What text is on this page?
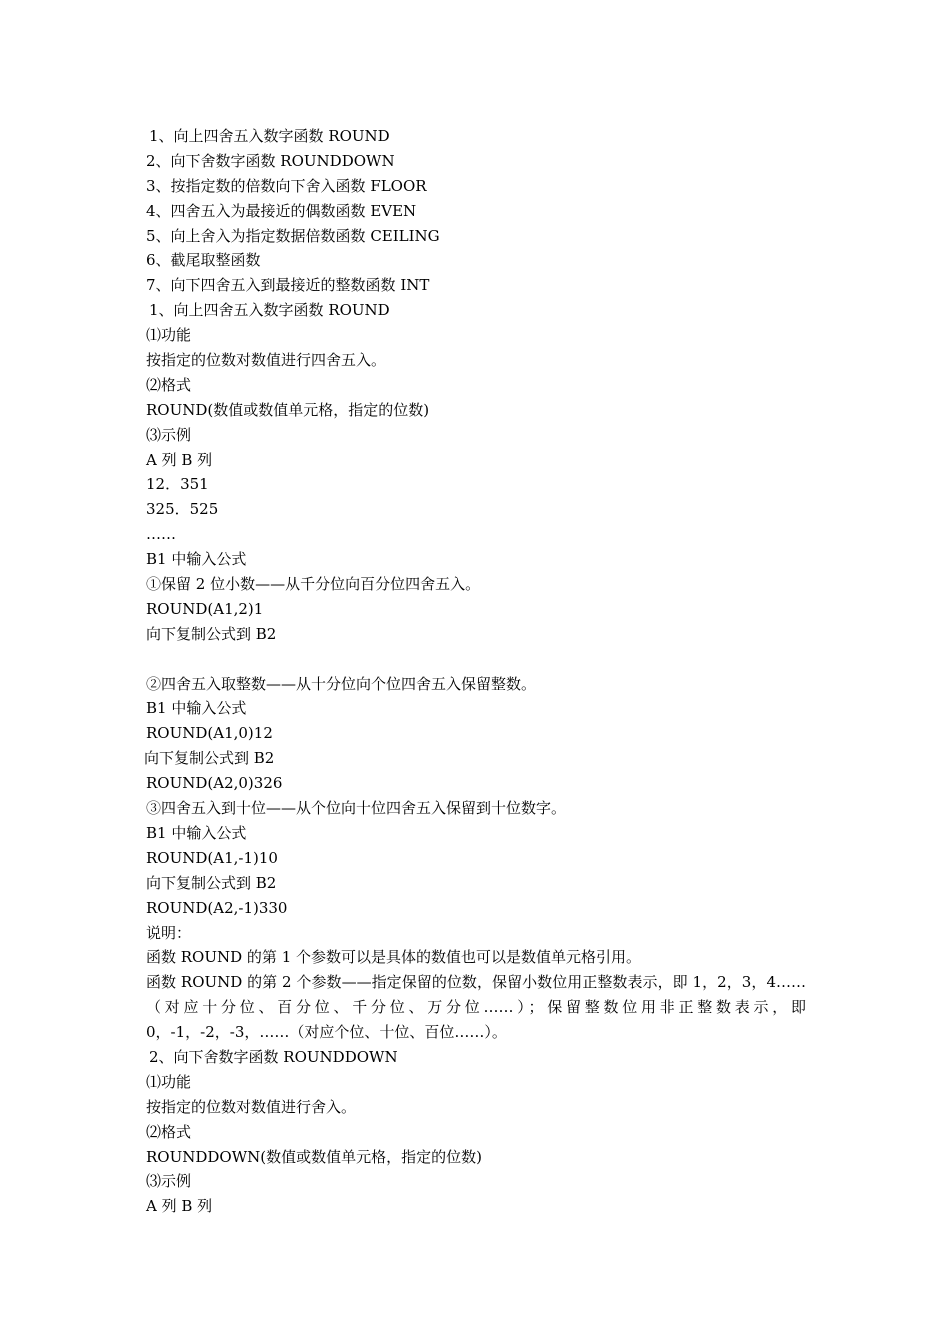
1、向上四舍五入数字函数 ROUND
2、向下舍数字函数 ROUNDDOWN
3、按指定数的倍数向下舍入函数 FLOOR
4、四舍五入为最接近的偶数函数 EVEN
5、向上舍入为指定数据倍数函数 CEILING
6、截尾取整函数
7、向下四舍五入到最接近的整数函数 INT
1、向上四舍五入数字函数 ROUND
⑴功能
按指定的位数对数值进行四舍五入。
⑵格式
ROUND(数值或数值单元格，指定的位数)
⑶示例
A 列 B 列
12．351
325．525
……
B1 中输入公式
①保留 2 位小数——从千分位向百分位四舍五入。
ROUND(A1,2)1
向下复制公式到 B2
②四舍五入取整数——从十分位向个位四舍五入保留整数。
B1 中输入公式
ROUND(A1,0)12
向下复制公式到 B2
ROUND(A2,0)326
③四舍五入到十位——从个位向十位四舍五入保留到十位数字。
B1 中输入公式
ROUND(A1,-1)10
向下复制公式到 B2
ROUND(A2,-1)330
说明：
函数 ROUND 的第 1 个参数可以是具体的数值也可以是数值单元格引用。
函数 ROUND 的第 2 个参数——指定保留的位数，保留小数位用正整数表示，即 1，2，3，4……（对应十分位、百分位、千分位、万分位……）；保留整数位用非正整数表示，即 0，-1，-2，-3，……（对应个位、十位、百位……）。
2、向下舍数字函数 ROUNDDOWN
⑴功能
按指定的位数对数值进行舍入。
⑵格式
ROUNDDOWN(数值或数值单元格，指定的位数)
⑶示例
A 列 B 列
